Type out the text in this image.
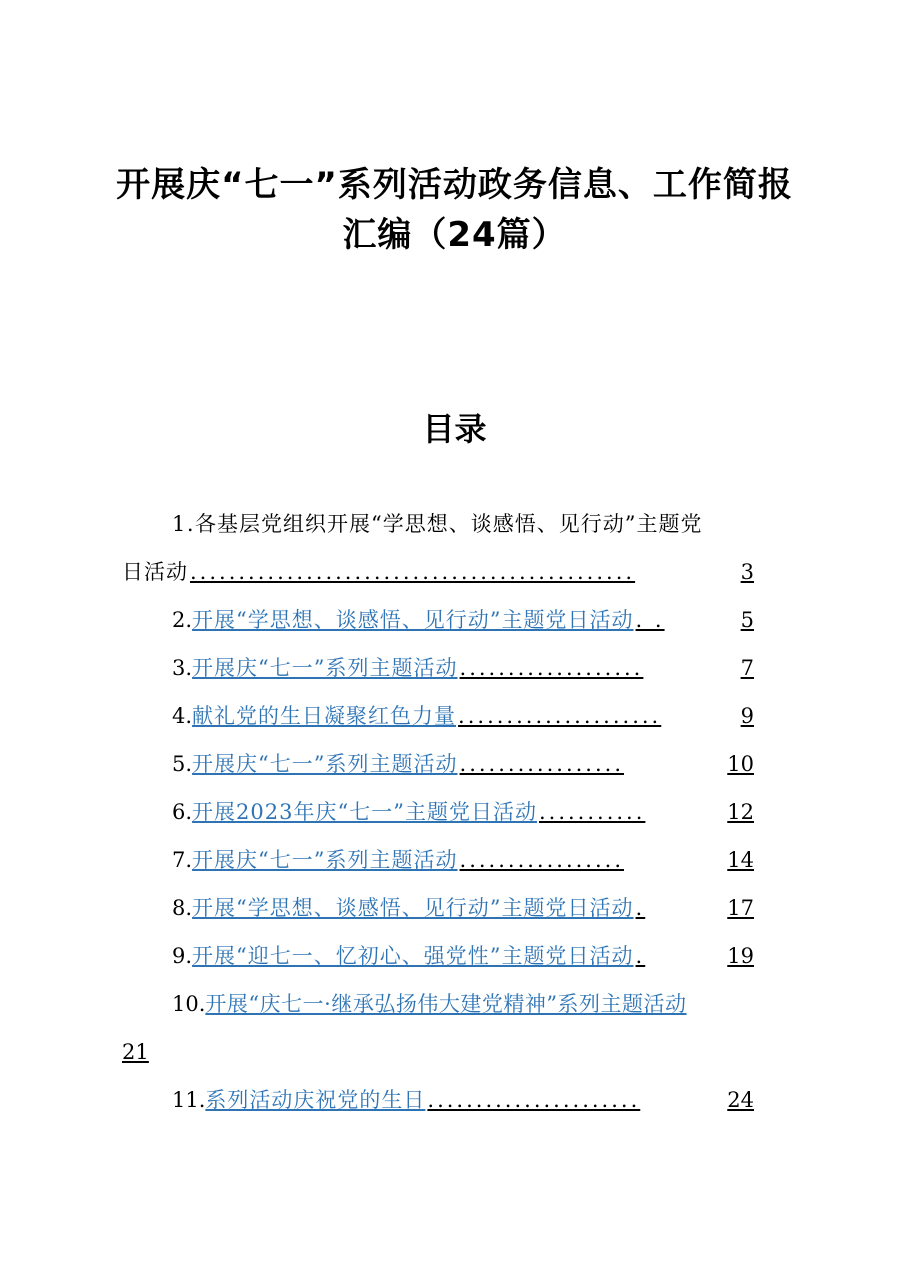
开展庆“七一”系列活动政务信息、工作简报
汇编（24篇）
目录
1.各基层党组织开展“学思想、谈感悟、见行动”主题党
日活动 ..............................................	3
2. 开展“学思想、谈感悟、见行动”主题党日活动 . .	5
3. 开展庆“七一”系列主题活动 ...................	7
4. 献礼党的生日凝聚红色力量 .....................	9
5. 开展庆“七一”系列主题活动 .................	10
6. 开展2023年庆“七一”主题党日活动 ...........	12
7. 开展庆“七一”系列主题活动 .................	14
8. 开展“学思想、谈感悟、见行动”主题党日活动 .	17
9. 开展“迎七一、忆初心、强党性”主题党日活动 .	19
10.开展“庆七一·继承弘扬伟大建党精神”系列主题活动
21
11. 系列活动庆祝党的生日 ......................	24
